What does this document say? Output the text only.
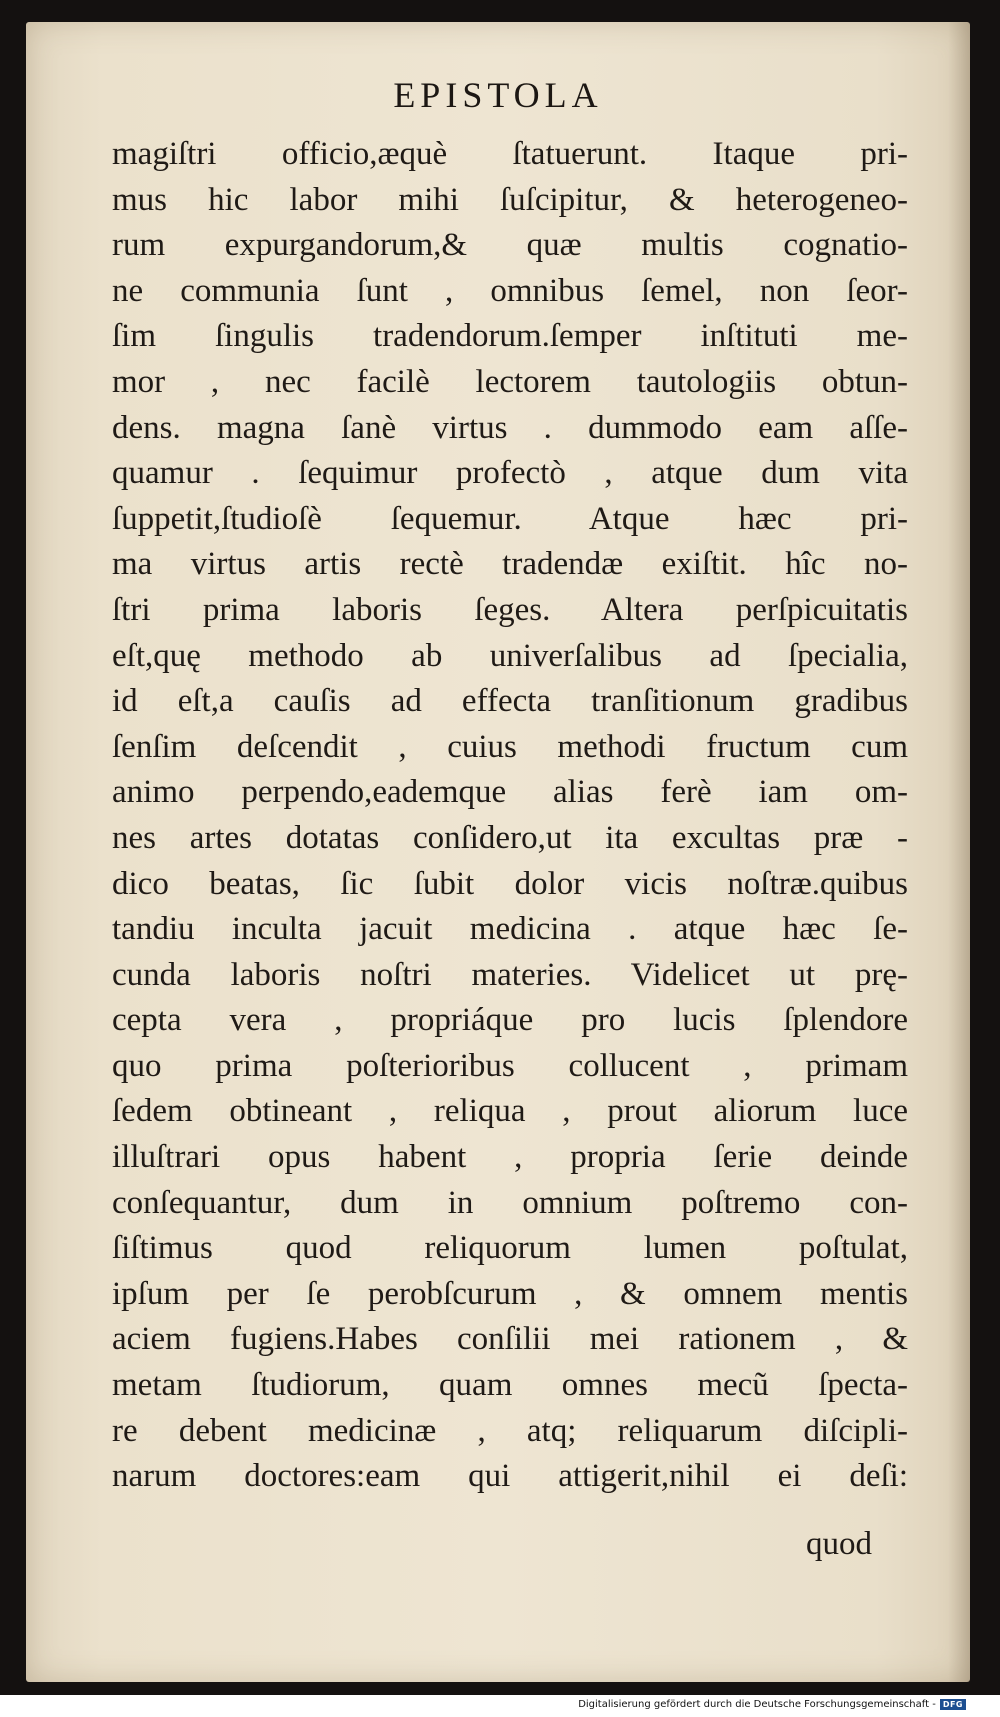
EPISTOLA
magiſtri officio,æquè ſtatuerunt. Itaque pri-
mus hic labor mihi ſuſcipitur, & heterogeneo-
rum expurgandorum,& quæ multis cognatio-
ne communia ſunt , omnibus ſemel, non ſeor-
ſim ſingulis tradendorum.ſemper inſtituti me-
mor , nec facilè lectorem tautologiis obtun-
dens. magna ſanè virtus . dummodo eam aſſe-
quamur . ſequimur profectò , atque dum vita
ſuppetit,ſtudioſè ſequemur. Atque hæc pri-
ma virtus artis rectè tradendæ exiſtit. hîc no-
ſtri prima laboris ſeges. Altera perſpicuitatis
eſt,quę methodo ab univerſalibus ad ſpecialia,
id eſt,a cauſis ad effecta tranſitionum gradibus
ſenſim deſcendit , cuius methodi fructum cum
animo perpendo,eademque alias ferè iam om-
nes artes dotatas conſidero,ut ita excultas præ -
dico beatas, ſic ſubit dolor vicis noſtræ.quibus
tandiu inculta jacuit medicina . atque hæc ſe-
cunda laboris noſtri materies. Videlicet ut prę-
cepta vera , propriáque pro lucis ſplendore
quo prima poſterioribus collucent , primam
ſedem obtineant , reliqua , prout aliorum luce
illuſtrari opus habent , propria ſerie deinde
conſequantur, dum in omnium poſtremo con-
ſiſtimus quod reliquorum lumen poſtulat,
ipſum per ſe perobſcurum , & omnem mentis
aciem fugiens.Habes conſilii mei rationem , &
metam ſtudiorum, quam omnes mecũ ſpecta-
re debent medicinæ , atq; reliquarum diſcipli-
narum doctores:eam qui attigerit,nihil ei deſi:
quod
Digitalisierung gefördert durch die Deutsche Forschungsgemeinschaft - DFG
